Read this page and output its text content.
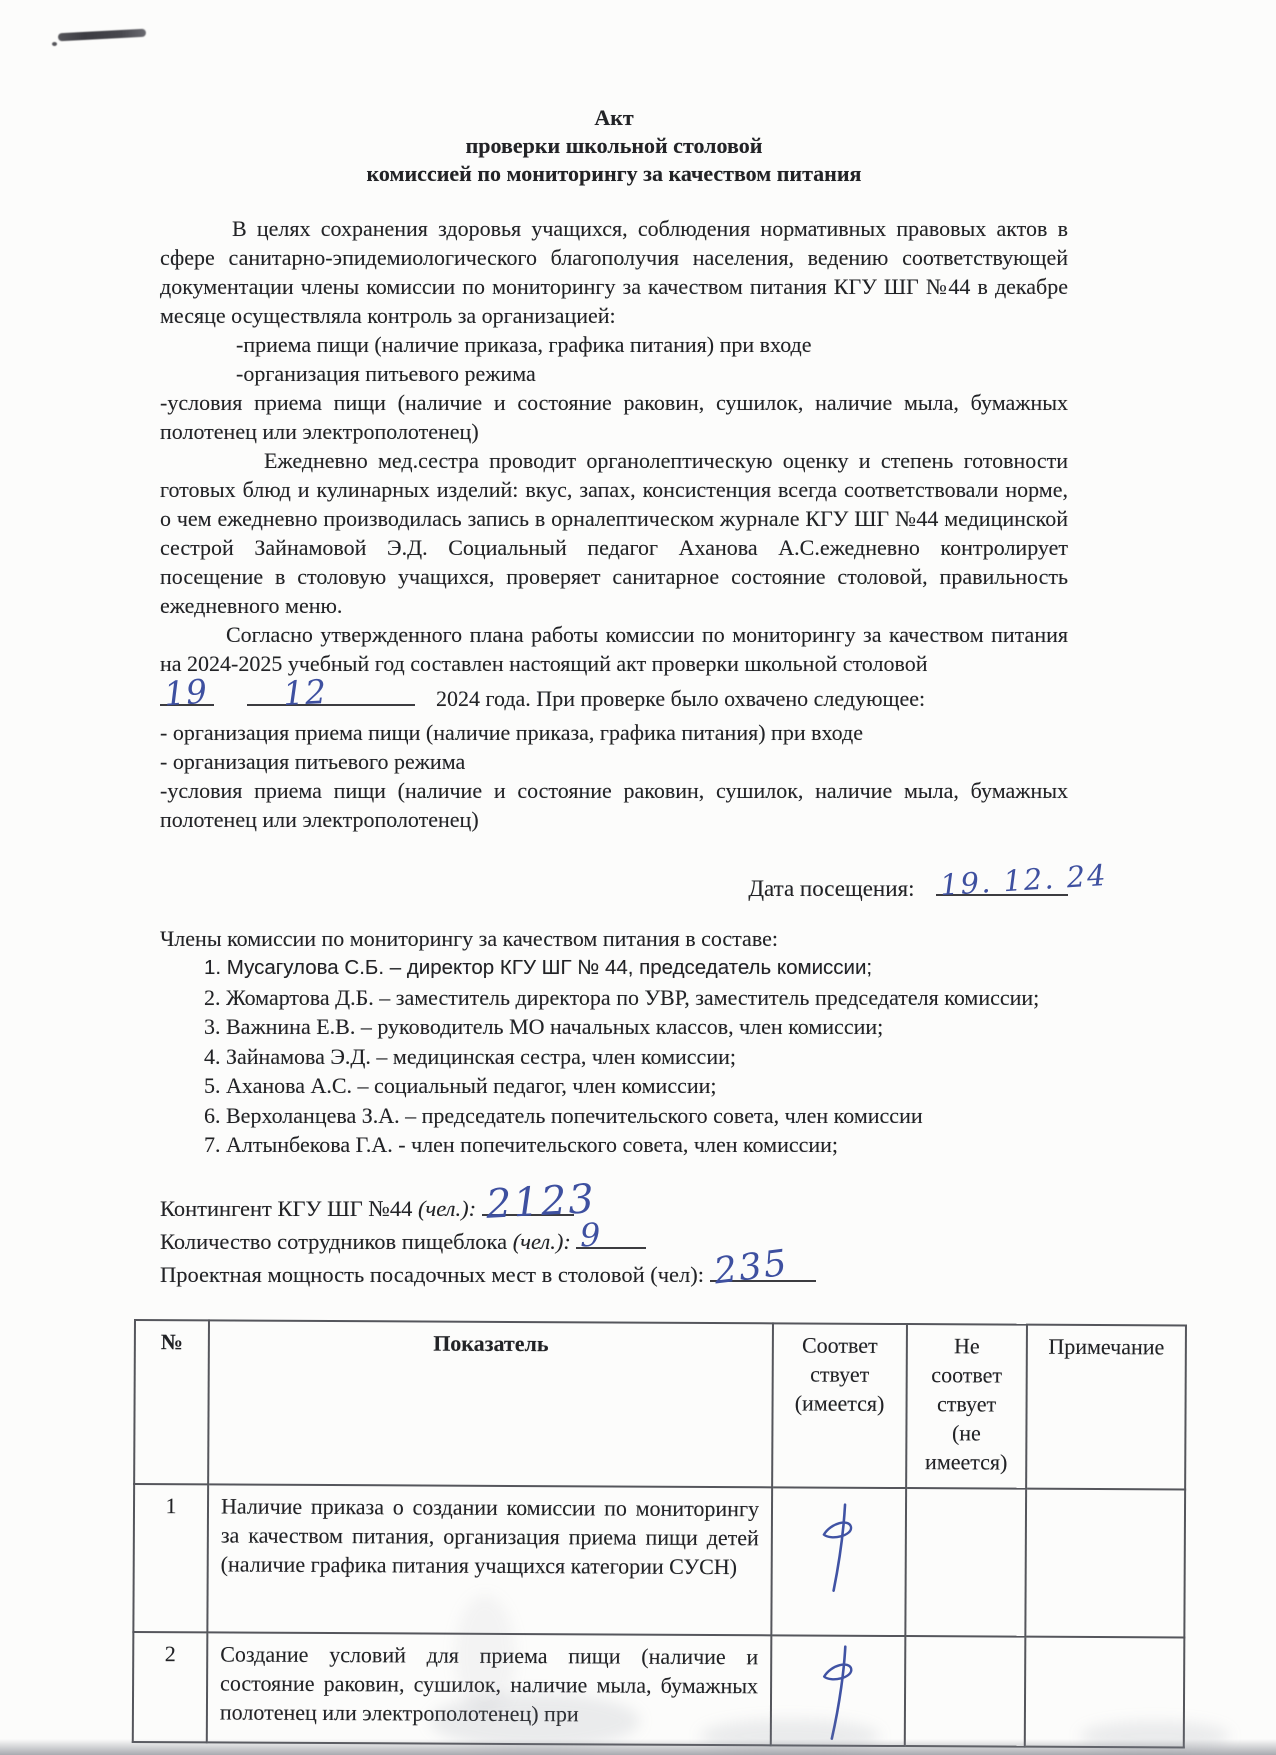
Акт
проверки школьной столовой
комиссией по мониторингу за качеством питания

В целях сохранения здоровья учащихся, соблюдения нормативных правовых актов в сфере санитарно-эпидемиологического благополучия населения, ведению соответствующей документации члены комиссии по мониторингу за качеством питания КГУ ШГ №44 в декабре месяце осуществляла контроль за организацией:

-приема пищи (наличие приказа, графика питания) при входе
-организация питьевого режима
-условия приема пищи (наличие и состояние раковин, сушилок, наличие мыла, бумажных полотенец или электрополотенец)

Ежедневно мед.сестра проводит органолептическую оценку и степень готовности готовых блюд и кулинарных изделий: вкус, запах, консистенция всегда соответствовали норме, о чем ежедневно производилась запись в орналептическом журнале КГУ ШГ №44 медицинской сестрой Зайнамовой Э.Д. Социальный педагог Аханова А.С.ежедневно контролирует посещение в столовую учащихся, проверяет санитарное состояние столовой, правильность ежедневного меню.

Согласно утвержденного плана работы комиссии по мониторингу за качеством питания на 2024-2025 учебный год составлен настоящий акт проверки школьной столовой

19
12	2024 года. При проверке было охвачено следующее:
- организация приема пищи (наличие приказа, графика питания) при входе
- организация питьевого режима
-условия приема пищи (наличие и состояние раковин, сушилок, наличие мыла, бумажных полотенец или электрополотенец)
Дата посещения: 19. 12. 24
Члены комиссии по мониторингу за качеством питания в составе:
1. Мусагулова С.Б. – директор КГУ ШГ № 44, председатель комиссии;
2. Жомартова Д.Б. – заместитель директора по УВР, заместитель председателя комиссии;
3. Важнина Е.В. – руководитель МО начальных классов, член комиссии;
4. Зайнамова Э.Д. – медицинская сестра, член комиссии;
5. Аханова А.С. – социальный педагог, член комиссии;
6. Верхоланцева З.А. – председатель попечительского совета, член комиссии
7. Алтынбекова Г.А. - член попечительского совета, член комиссии;
Контингент КГУ ШГ №44 (чел.): 2123
Количество сотрудников пищеблока (чел.): 9
Проектная мощность посадочных мест в столовой (чел): 235
№	Показатель	Соответ
ствует
(имеется)	Не
соответ
ствует
(не
имеется)	Примечание

1	Наличие приказа о создании комиссии по мониторингу за качеством питания, организация приема пищи детей (наличие графика питания учащихся категории СУСН)	

2	Создание условий для приема пищи (наличие и состояние раковин, сушилок, наличие мыла, бумажных полотенец или электрополотенец) при	
